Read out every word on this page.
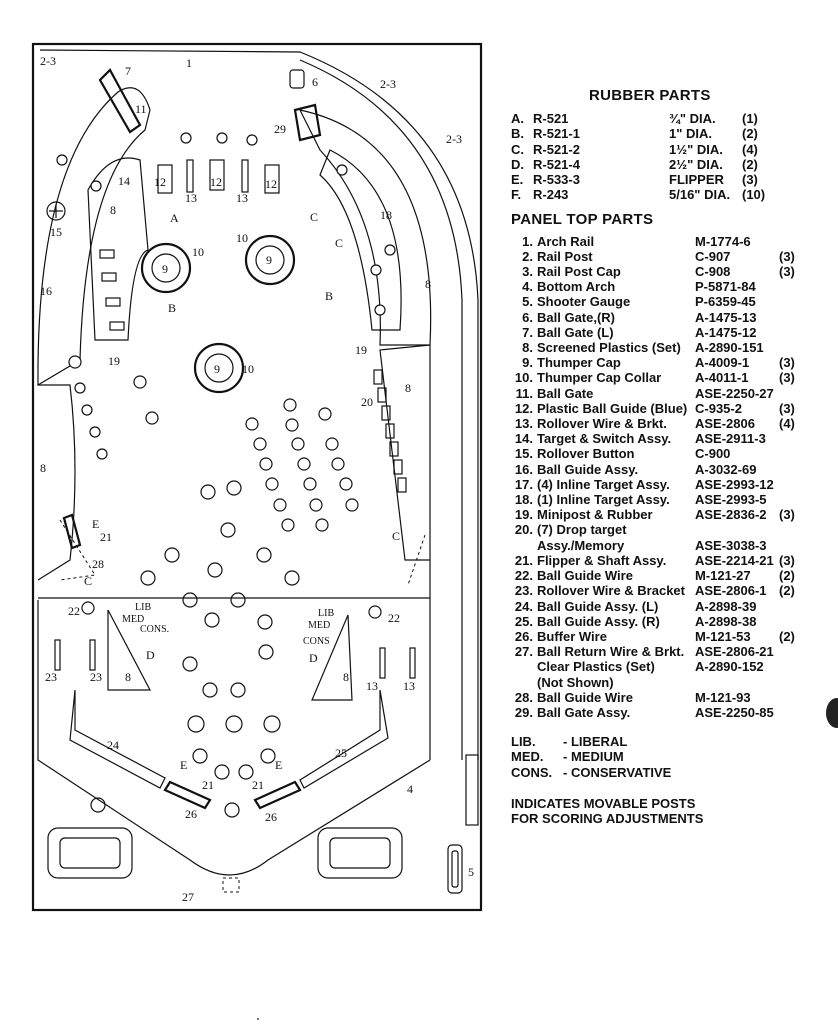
1
2-3
2-3
2-3
7
6
11
29
14 12	12	12
13	13
8
A
15
18
C
C
10
10
9
9
16	8
B
B
19
19
9 10
8
20
8
E
21	C
28
C
22	22
LIB
MED
CONS.
LIB
MED
CONS
D	D
23	23 8	8
13 13
24
25
E	E
21	21	4
26	26
5
27
RUBBER PARTS
A. R-521	¾" DIA.	(1)
B. R-521-1	1" DIA.	(2)
C. R-521-2	1½" DIA.	(4)
D. R-521-4	2½" DIA.	(2)
E. R-533-3	FLIPPER	(3)
F. R-243	5/16" DIA. (10)
PANEL TOP PARTS
1. Arch Rail	M-1774-6
2. Rail Post	C-907	(3)
3. Rail Post Cap	C-908	(3)
4. Bottom Arch	P-5871-84
5. Shooter Gauge	P-6359-45
6. Ball Gate,(R)	A-1475-13
7. Ball Gate (L)	A-1475-12
8. Screened Plastics (Set)	A-2890-151
9. Thumper Cap	A-4009-1	(3)
10. Thumper Cap Collar	A-4011-1	(3)
11. Ball Gate	ASE-2250-27
12. Plastic Ball Guide (Blue) C-935-2	(3)
13. Rollover Wire & Brkt.	ASE-2806	(4)
14. Target & Switch Assy.	ASE-2911-3
15. Rollover Button	C-900
16. Ball Guide Assy.	A-3032-69
17. (4) Inline Target Assy.	ASE-2993-12
18. (1) Inline Target Assy.	ASE-2993-5
19. Minipost & Rubber	ASE-2836-2 (3)
20. (7) Drop target
Assy./Memory	ASE-3038-3
21. Flipper & Shaft Assy.	ASE-2214-21 (3)
22. Ball Guide Wire	M-121-27	(2)
23. Rollover Wire & Bracket ASE-2806-1 (2)
24. Ball Guide Assy. (L)	A-2898-39
25. Ball Guide Assy. (R)	A-2898-38
26. Buffer Wire	M-121-53	(2)
27. Ball Return Wire & Brkt. ASE-2806-21
Clear Plastics (Set)	A-2890-152
(Not Shown)
28. Ball Guide Wire	M-121-93
29. Ball Gate Assy.	ASE-2250-85
LIB.	- LIBERAL
MED.	- MEDIUM
CONS. - CONSERVATIVE
INDICATES MOVABLE POSTS
FOR SCORING ADJUSTMENTS
